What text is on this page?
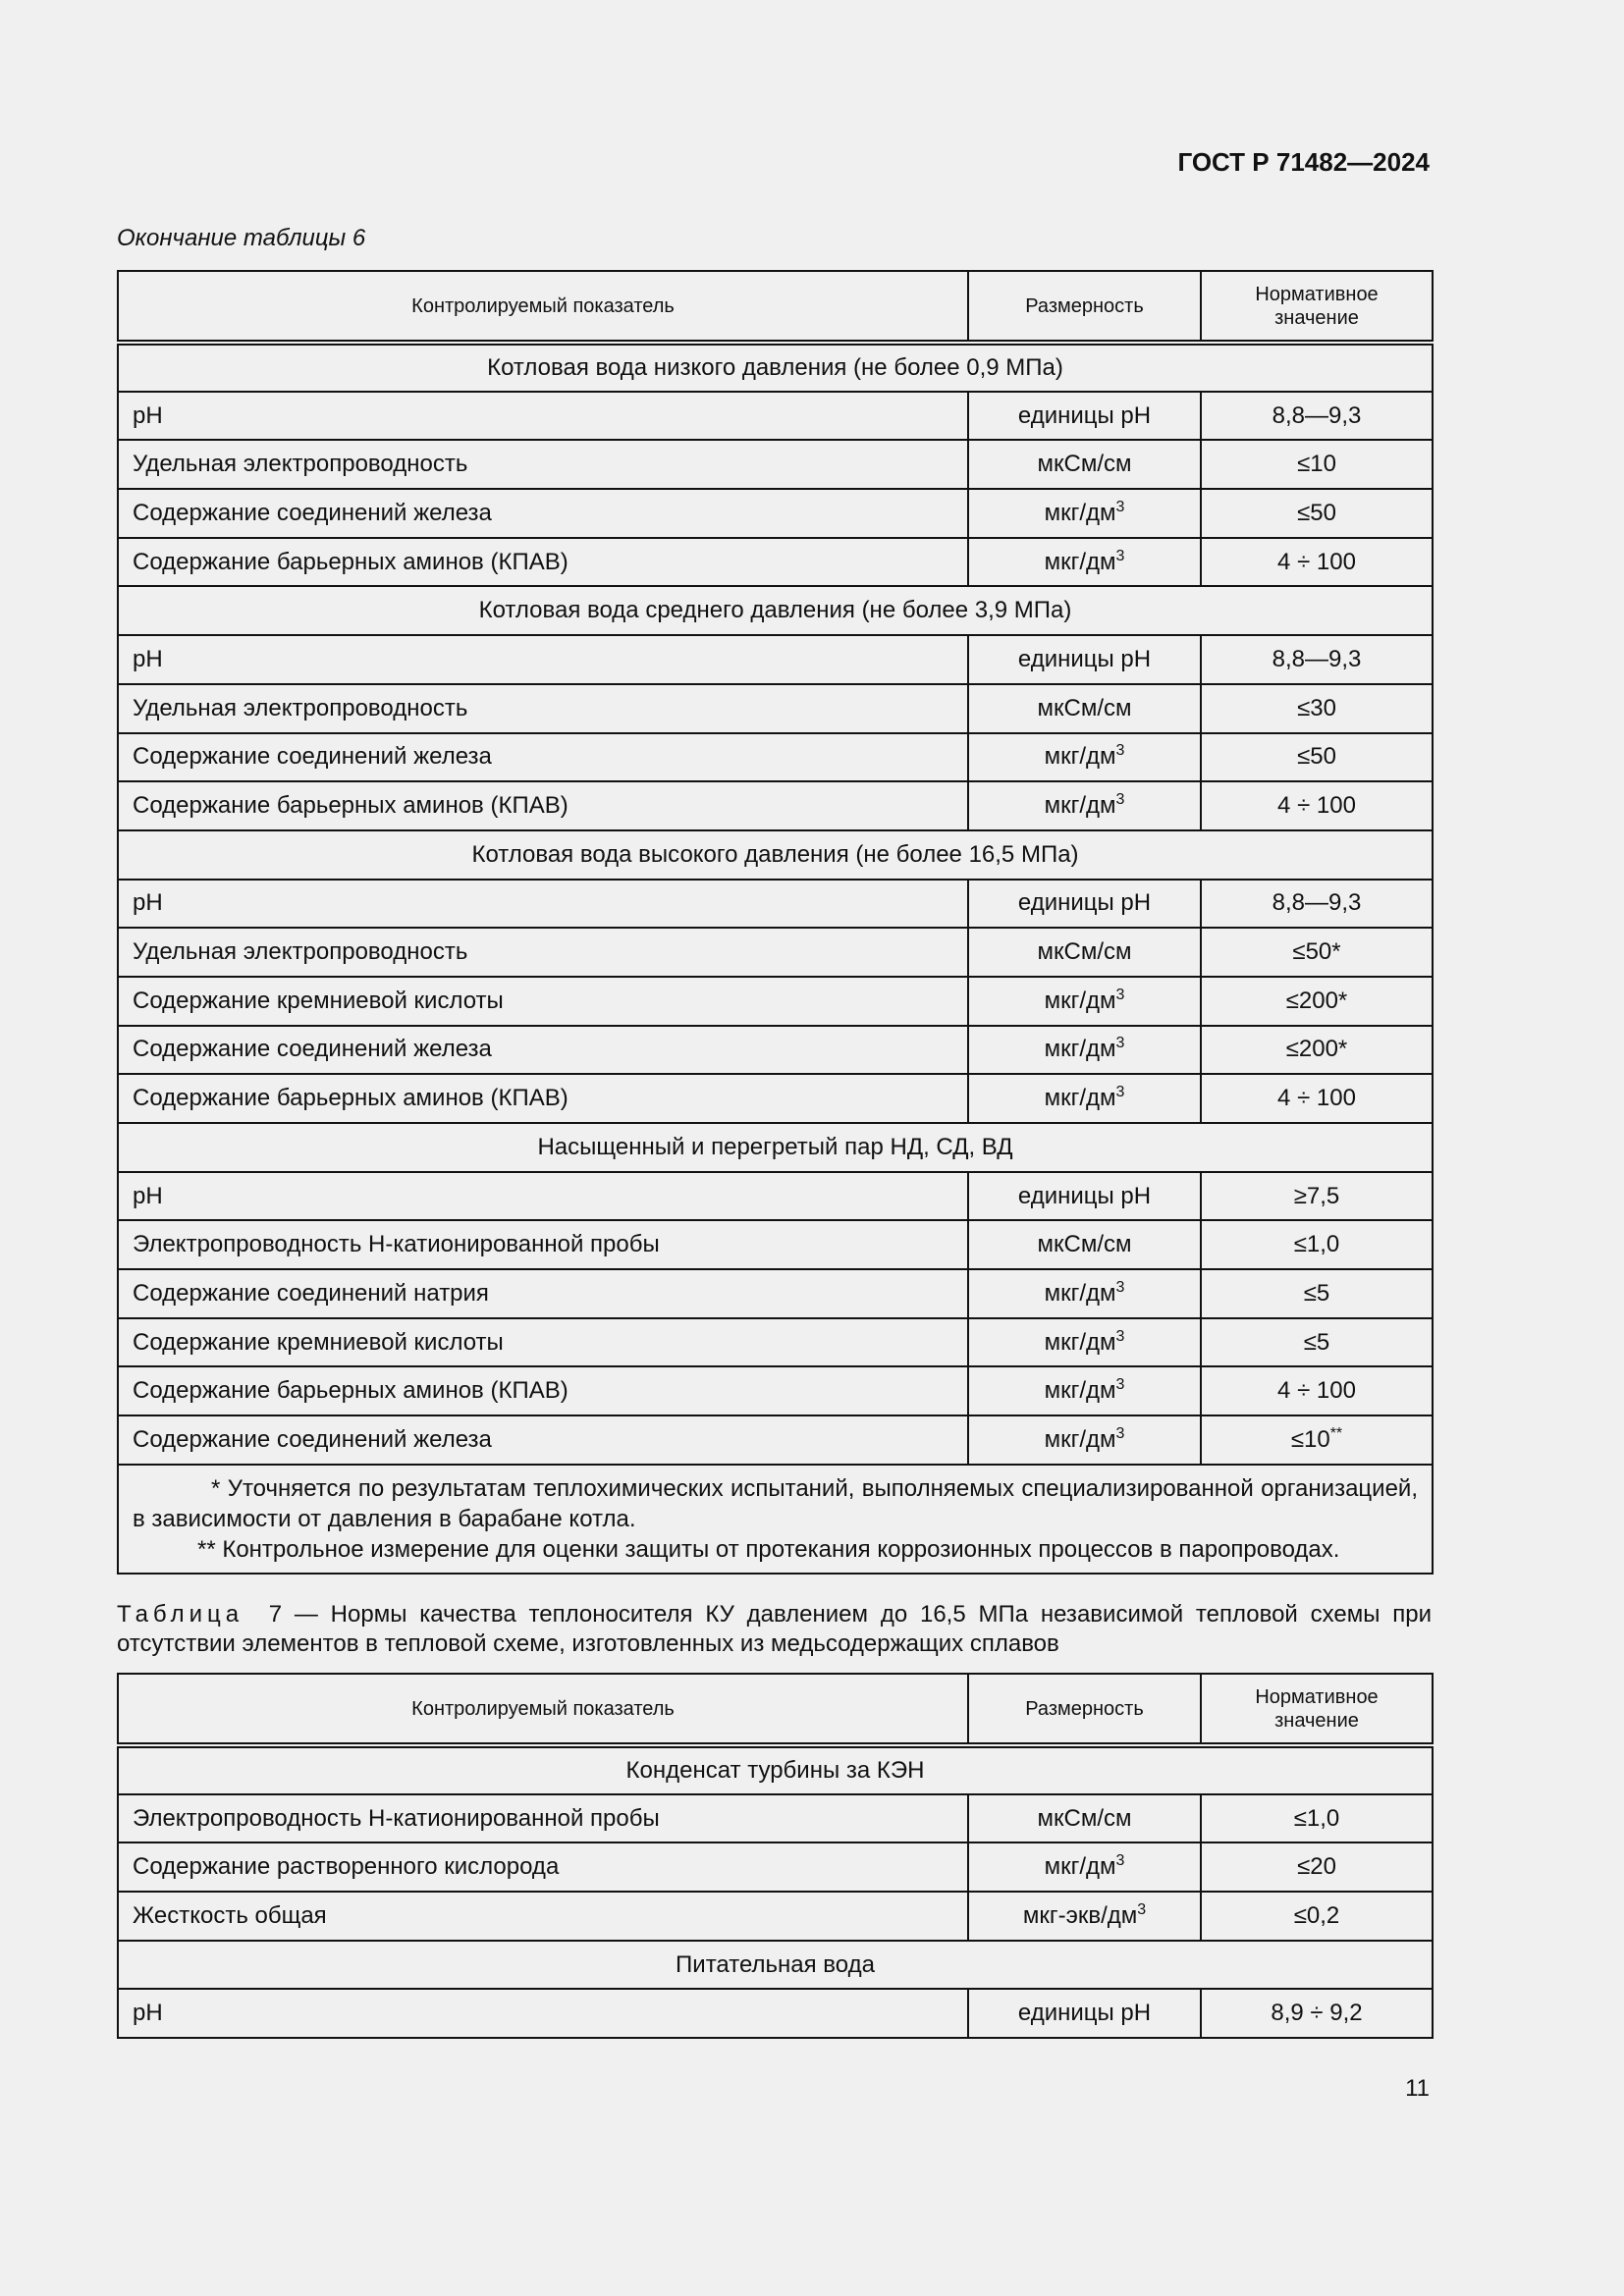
ГОСТ Р 71482—2024
Окончание таблицы 6
Контролируемый показатель	Размерность	Нормативное значение
Котловая вода низкого давления (не более 0,9 МПа)		
pH	единицы pH	8,8—9,3
Удельная электропроводность	мкСм/см	≤10
Содержание соединений железа	мкг/$дм^3$	≤50
Содержание барьерных аминов (КПАВ)	мкг/$дм^3$	4 ÷ 100
Котловая вода среднего давления (не более 3,9 МПа)		
pH	единицы pH	8,8—9,3
Удельная электропроводность	мкСм/см	≤30
Содержание соединений железа	мкг/$дм^3$	≤50
Содержание барьерных аминов (КПАВ)	мкг/$дм^3$	4 ÷ 100
Котловая вода высокого давления (не более 16,5 МПа)		
pH	единицы pH	8,8—9,3
Удельная электропроводность	мкСм/см	≤50*
Содержание кремниевой кислоты	мкг/$дм^3$	≤200*
Содержание соединений железа	мкг/$дм^3$	≤200*
Содержание барьерных аминов (КПАВ)	мкг/$дм^3$	4 ÷ 100
Насыщенный и перегретый пар НД, СД, ВД		
pH	единицы pH	≥7,5
Электропроводность Н-катионированной пробы	мкСм/см	≤1,0
Содержание соединений натрия	мкг/$дм^3$	≤5
Содержание кремниевой кислоты	мкг/$дм^3$	≤5
Содержание барьерных аминов (КПАВ)	мкг/$дм^3$	4 ÷ 100
Содержание соединений железа	мкг/$дм^3$	≤10**

* Уточняется по результатам теплохимических испытаний, выполняемых специализированной организацией, в зависимости от давления в барабане котла.
** Контрольное измерение для оценки защиты от протекания коррозионных процессов в паропроводах.		
Таблица 7 — Нормы качества теплоносителя КУ давлением до 16,5 МПа независимой тепловой схемы при отсутствии элементов в тепловой схеме, изготовленных из медьсодержащих сплавов
Контролируемый показатель	Размерность	Нормативное значение
Конденсат турбины за КЭН		
Электропроводность Н-катионированной пробы	мкСм/см	≤1,0
Содержание растворенного кислорода	мкг/$дм^3$	≤20
Жесткость общая	мкг-$экв/дм^3$	≤0,2
Питательная вода		
pH	единицы pH	8,9 ÷ 9,2
11
